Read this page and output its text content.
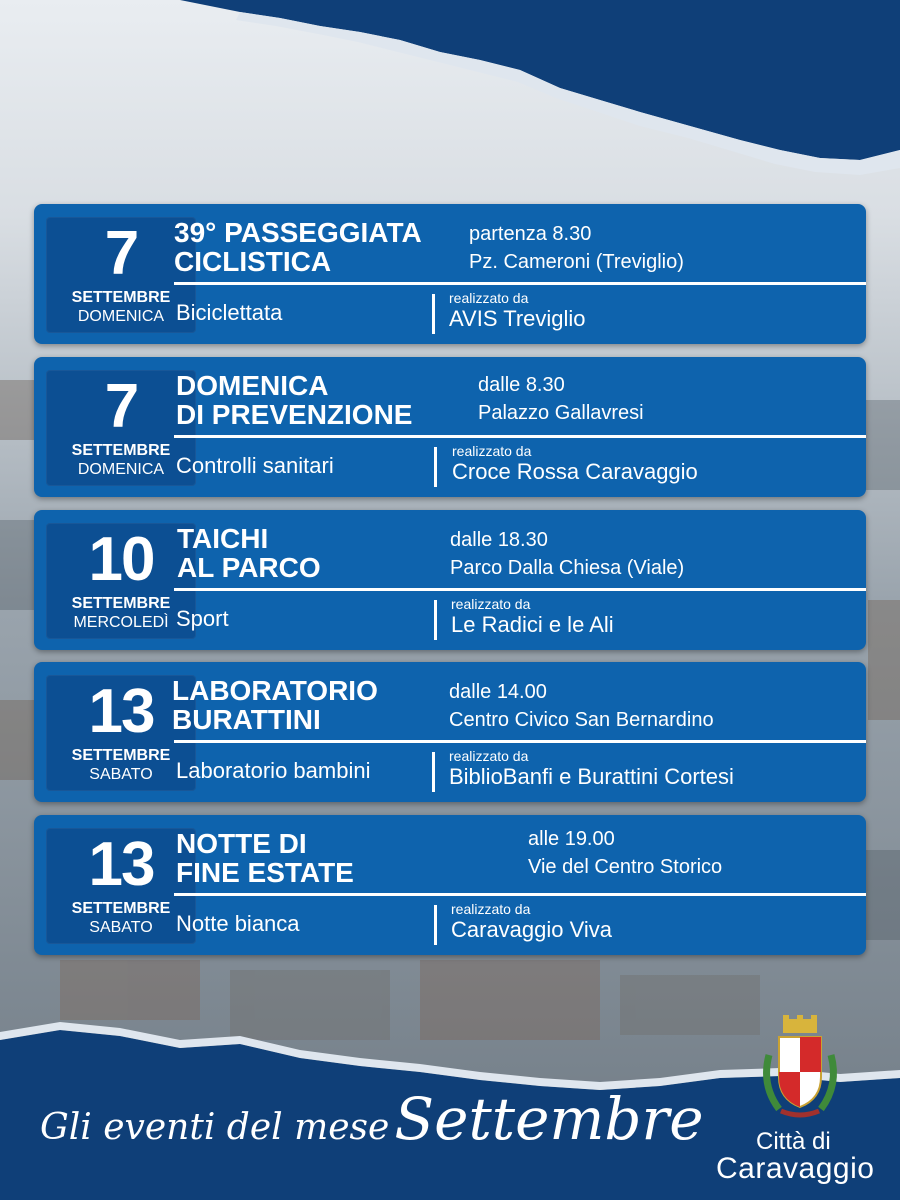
7
SETTEMBRE
DOMENICA
39° PASSEGGIATA
CICLISTICA
partenza 8.30
Pz. Cameroni (Treviglio)
Biciclettata
realizzato da
AVIS Treviglio
7
SETTEMBRE
DOMENICA
DOMENICA
DI PREVENZIONE
dalle 8.30
Palazzo Gallavresi
Controlli sanitari
realizzato da
Croce Rossa Caravaggio
10
SETTEMBRE
MERCOLEDÌ
TAICHI
AL PARCO
dalle 18.30
Parco Dalla Chiesa (Viale)
Sport
realizzato da
Le Radici e le Ali
13
SETTEMBRE
SABATO
LABORATORIO
BURATTINI
dalle 14.00
Centro Civico San Bernardino
Laboratorio bambini
realizzato da
BiblioBanfi e Burattini Cortesi
13
SETTEMBRE
SABATO
NOTTE DI
FINE ESTATE
alle 19.00
Vie del Centro Storico
Notte bianca
realizzato da
Caravaggio Viva
Gli eventi del mese Settembre Città di
Caravaggio
